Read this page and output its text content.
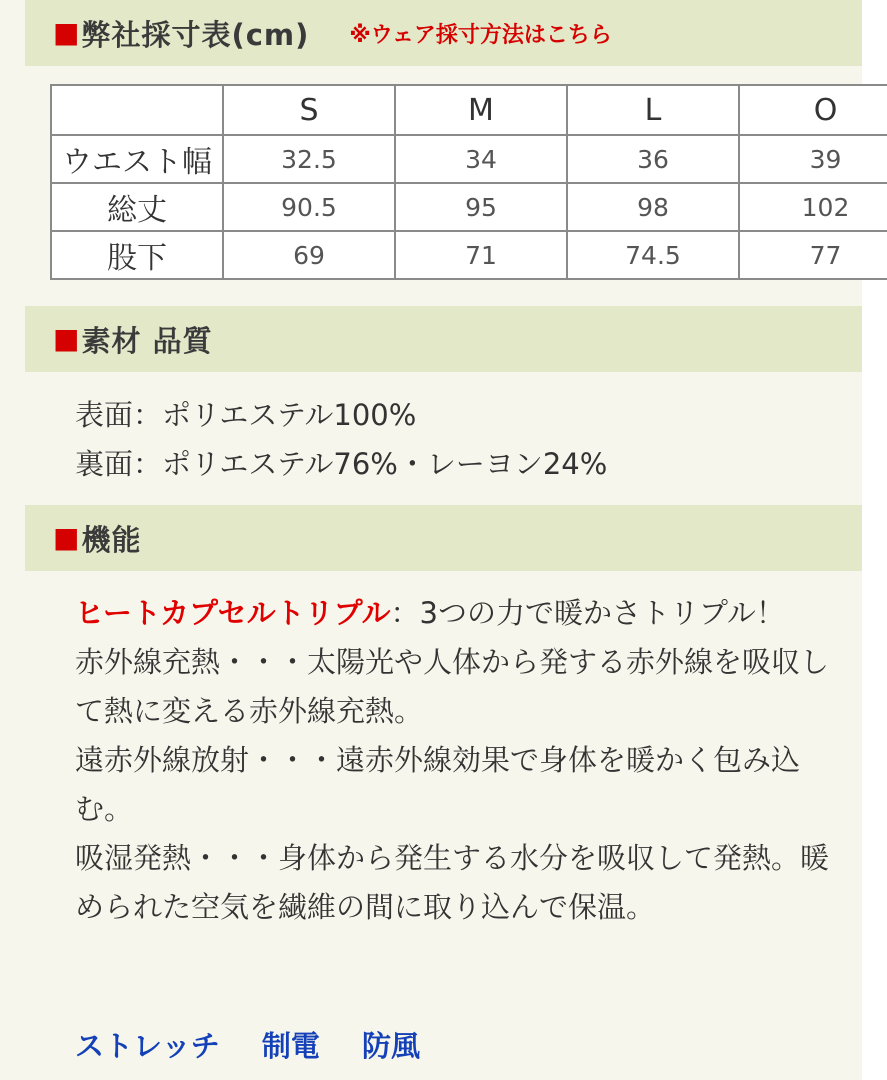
■ 弊社採寸表(cm) ※ウェア採寸方法はこちら
	S	M	L	O
ウエスト幅	32.5	34	36	39
総丈	90.5	95	98	102
股下	69	71	74.5	77
■ 素材 品質
表面：ポリエステル100%
裏面：ポリエステル76%・レーヨン24%
■ 機能
ヒートカプセルトリプル：3つの力で暖かさトリプル！
赤外線充熱・・・太陽光や人体から発する赤外線を吸収して熱に変える赤外線充熱。
遠赤外線放射・・・遠赤外線効果で身体を暖かく包み込む。
吸湿発熱・・・身体から発生する水分を吸収して発熱。暖められた空気を繊維の間に取り込んで保温。
ストレッチ 制電 防風
